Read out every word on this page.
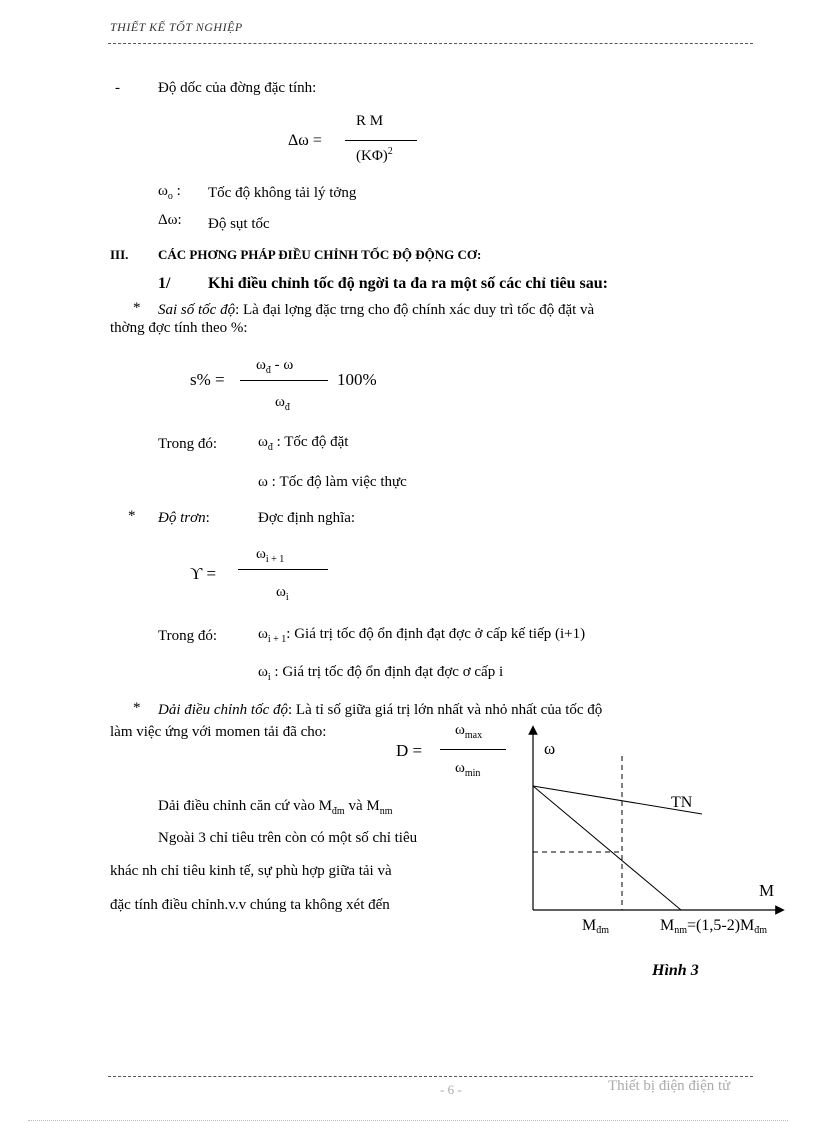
THIẾT KẾ TỐT NGHIỆP
-	Độ dốc của đờng đặc tính:
Δω =
R M
$(K\Phi)^2$
$\omega_o$ : Tốc độ không tải lý tởng
Δω: Độ sụt tốc
III. CÁC PHƠNG PHÁP ĐIỀU CHỈNH TỐC ĐỘ ĐỘNG CƠ:
1/ Khi điều chỉnh tốc độ ngời ta đa ra một số các chỉ tiêu sau:
* Sai số tốc độ: Là đại lợng đặc trng cho độ chính xác duy trì tốc độ đặt và
thờng đợc tính theo %:
s% =
$\omega_đ$ - ω
$\omega_đ$
100%
Trong đó:	$\omega_đ$ : Tốc độ đặt
ω : Tốc độ làm việc thực
* Độ trơn:	Đợc định nghĩa:
ϒ =
$\omega_{i + 1}$
$\omega_i$
Trong đó:	$\omega_{i + 1}$: Giá trị tốc độ ổn định đạt đợc ở cấp kế tiếp (i+1)
$\omega_i$ : Giá trị tốc độ ổn định đạt đợc ơ cấp i
* Dải điều chỉnh tốc độ: Là tỉ số giữa giá trị lớn nhất và nhỏ nhất của tốc độ
làm việc ứng với momen tải đã cho:
D =
$\omega_{max}$
$\omega_{min}$
Dải điều chỉnh căn cứ vào $M_{đm}$ và $M_{nm}$
Ngoài 3 chỉ tiêu trên còn có một số chỉ tiêu
khác nh chỉ tiêu kinh tế, sự phù hợp giữa tải và
đặc tính điều chỉnh.v.v chúng ta không xét đến
ω
M
TN
Mđm	Mnm=(1,5-2)Mđm
Hình 3
- 6 -	Thiết bị điện điện tử
